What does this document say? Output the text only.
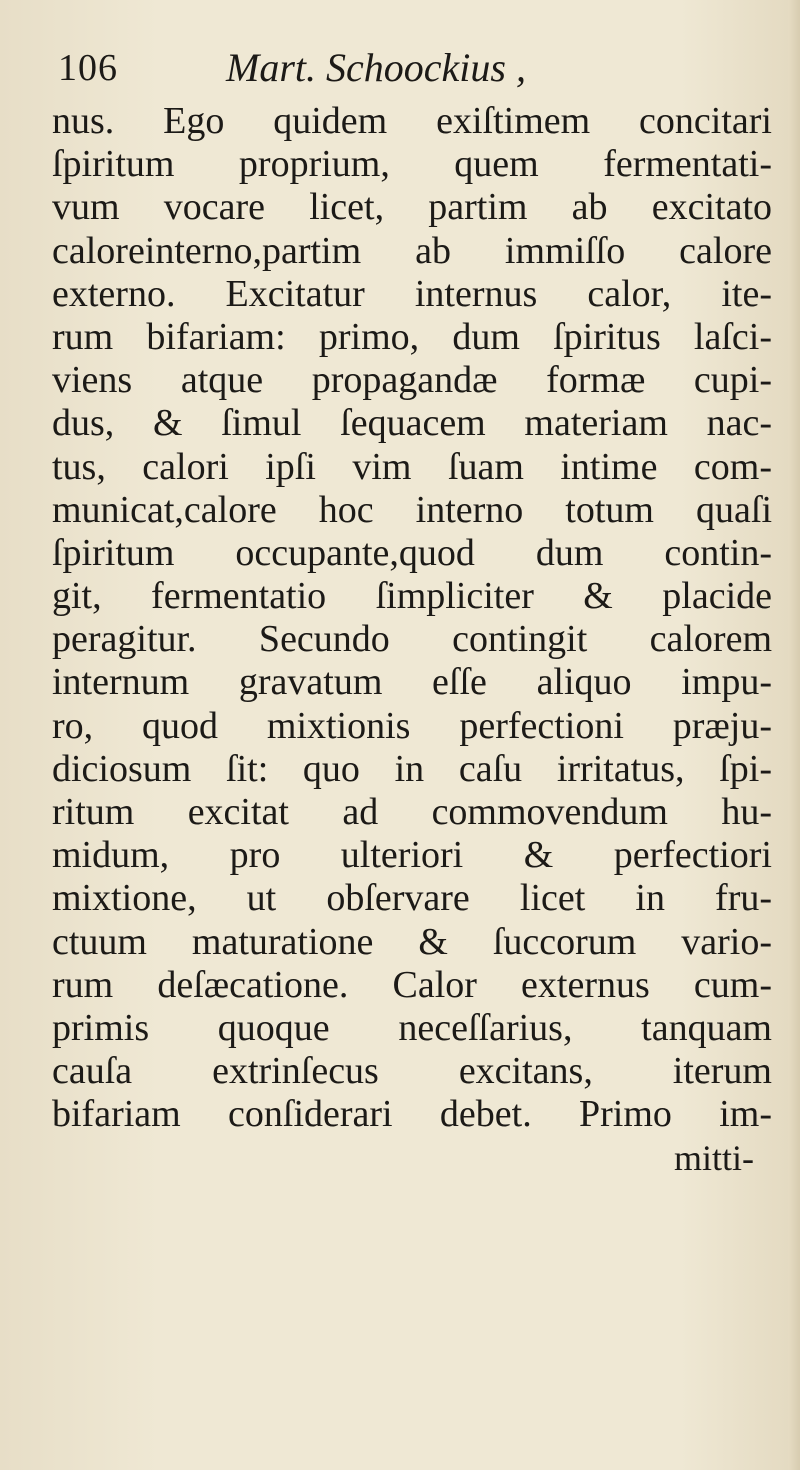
106	Mart. Schoockius ,
nus. Ego quidem exiſtimem concitari
ſpiritum proprium, quem fermentati-
vum vocare licet, partim ab excitato
caloreinterno,partim ab immiſſo calore
externo. Excitatur internus calor, ite-
rum bifariam: primo, dum ſpiritus laſci-
viens atque propagandæ formæ cupi-
dus, & ſimul ſequacem materiam nac-
tus, calori ipſi vim ſuam intime com-
municat,calore hoc interno totum quaſi
ſpiritum occupante,quod dum contin-
git, fermentatio ſimpliciter & placide
peragitur. Secundo contingit calorem
internum gravatum eſſe aliquo impu-
ro, quod mixtionis perfectioni præju-
diciosum ſit: quo in caſu irritatus, ſpi-
ritum excitat ad commovendum hu-
midum, pro ulteriori & perfectiori
mixtione, ut obſervare licet in fru-
ctuum maturatione & ſuccorum vario-
rum deſæcatione. Calor externus cum-
primis quoque neceſſarius, tanquam
cauſa extrinſecus excitans, iterum
bifariam conſiderari debet. Primo im-
mitti-
